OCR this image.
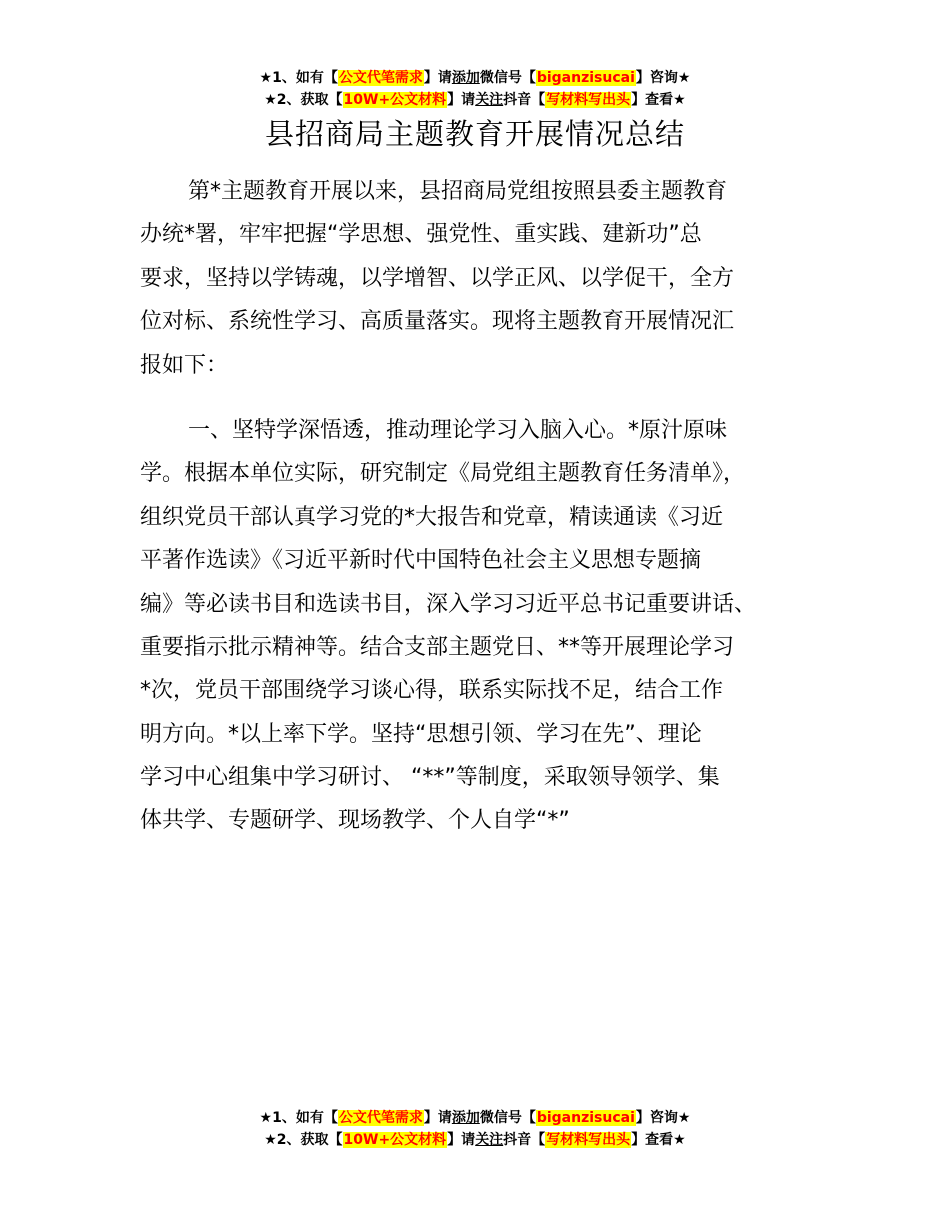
★1、如有【公文代笔需求】请添加微信号【biganzisucai】咨询★
★2、获取【10W+公文材料】请关注抖音【写材料写出头】查看★
县招商局主题教育开展情况总结
第*主题教育开展以来，县招商局党组按照县委主题教育
办统*署，牢牢把握“学思想、强党性、重实践、建新功”总
要求，坚持以学铸魂，以学增智、以学正风、以学促干，全方
位对标、系统性学习、高质量落实。现将主题教育开展情况汇
报如下：
一、坚特学深悟透，推动理论学习入脑入心。*原汁原味
学。根据本单位实际，研究制定《局党组主题教育任务清单》，
组织党员干部认真学习党的*大报告和党章，精读通读《习近
平著作选读》《习近平新时代中国特色社会主义思想专题摘
编》等必读书目和选读书目，深入学习习近平总书记重要讲话、
重要指示批示精神等。结合支部主题党日、**等开展理论学习
*次，党员干部围绕学习谈心得，联系实际找不足，结合工作
明方向。*以上率下学。坚持“思想引领、学习在先”、理论
学习中心组集中学习研讨、 “**”等制度，采取领导领学、集
体共学、专题研学、现场教学、个人自学“*”
★1、如有【公文代笔需求】请添加微信号【biganzisucai】咨询★
★2、获取【10W+公文材料】请关注抖音【写材料写出头】查看★
